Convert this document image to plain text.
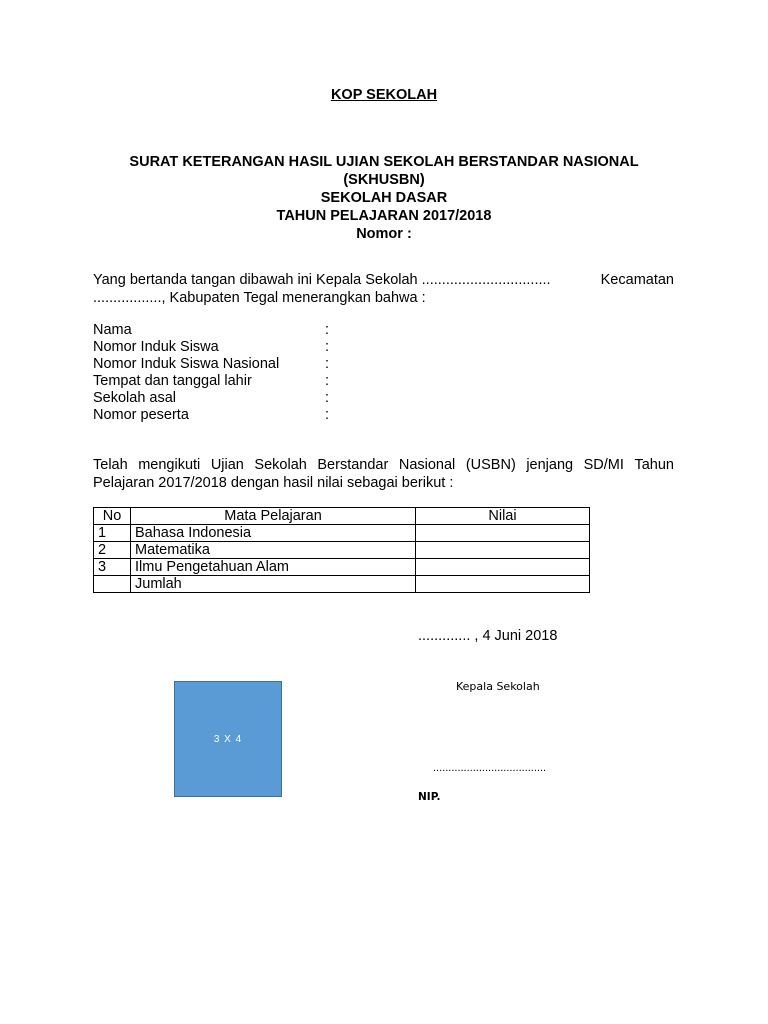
KOP SEKOLAH
SURAT KETERANGAN HASIL UJIAN SEKOLAH BERSTANDAR NASIONAL
(SKHUSBN)
SEKOLAH DASAR
TAHUN PELAJARAN 2017/2018
Nomor :
Yang bertanda tangan dibawah ini Kepala Sekolah ................................	Kecamatan
................., Kabupaten Tegal menerangkan bahwa :
Nama	:
Nomor Induk Siswa	:
Nomor Induk Siswa Nasional	:
Tempat dan tanggal lahir	:
Sekolah asal	:
Nomor peserta	:
Telah mengikuti Ujian Sekolah Berstandar Nasional (USBN) jenjang SD/MI Tahun
Pelajaran 2017/2018 dengan hasil nilai sebagai berikut :
No	Mata Pelajaran	Nilai
1	Bahasa Indonesia	
2	Matematika	
3	Ilmu Pengetahuan Alam	
	Jumlah	
............. , 4 Juni 2018
3 X 4
Kepala Sekolah
.....................................
NIP.
